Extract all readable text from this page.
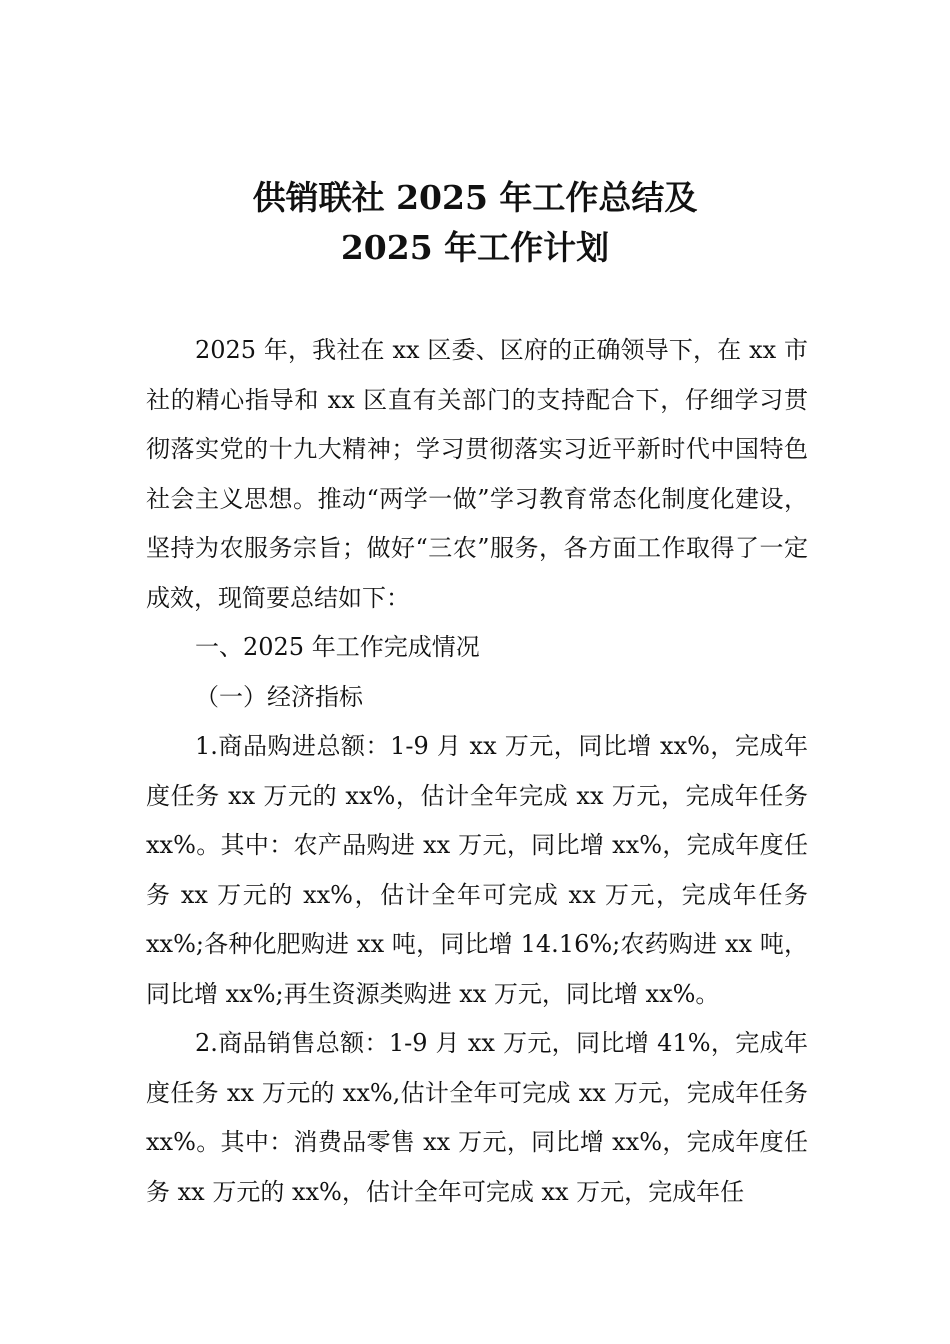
供销联社 2025 年工作总结及
2025 年工作计划

2025 年，我社在 xx 区委、区府的正确领导下，在 xx 市社的精心指导和 xx 区直有关部门的支持配合下，仔细学习贯彻落实党的十九大精神；学习贯彻落实习近平新时代中国特色社会主义思想。推动“两学一做”学习教育常态化制度化建设，坚持为农服务宗旨；做好“三农”服务，各方面工作取得了一定成效，现简要总结如下：

一、2025 年工作完成情况

（一）经济指标

1.商品购进总额：1-9 月 xx 万元，同比增 xx%，完成年度任务 xx 万元的 xx%，估计全年完成 xx 万元，完成年任务 xx%。其中：农产品购进 xx 万元，同比增 xx%，完成年度任务 xx 万元的 xx%，估计全年可完成 xx 万元，完成年任务 xx%;各种化肥购进 xx 吨，同比增 14.16%;农药购进 xx 吨，同比增 xx%;再生资源类购进 xx 万元，同比增 xx%。

2.商品销售总额：1-9 月 xx 万元，同比增 41%，完成年度任务 xx 万元的 xx%,估计全年可完成 xx 万元，完成年任务 xx%。其中：消费品零售 xx 万元，同比增 xx%，完成年度任务 xx 万元的 xx%，估计全年可完成 xx 万元，完成年任
